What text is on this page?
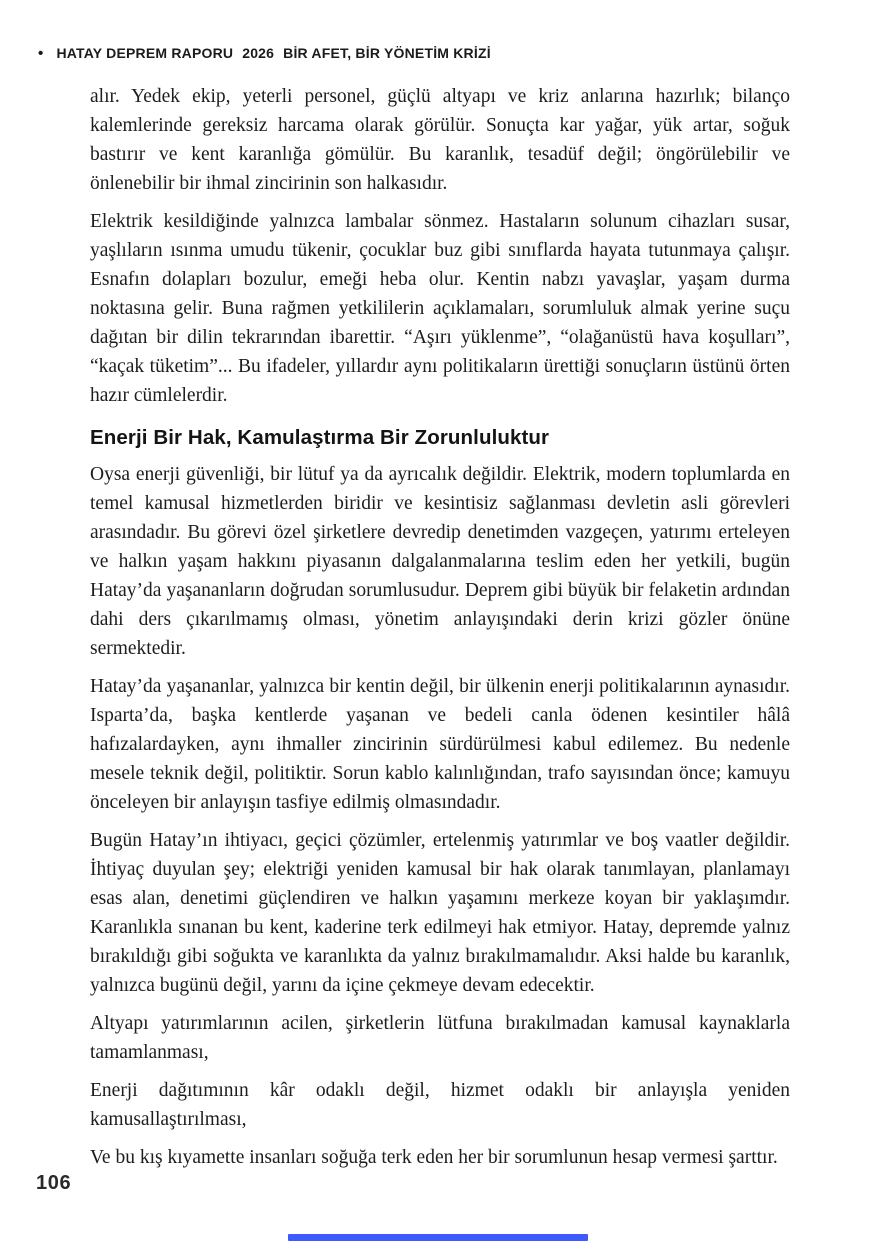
• HATAY DEPREM RAPORU 2026 BİR AFET, BİR YÖNETİM KRİZİ

alır. Yedek ekip, yeterli personel, güçlü altyapı ve kriz anlarına hazırlık; bilanço kalemlerinde gereksiz harcama olarak görülür. Sonuçta kar yağar, yük artar, soğuk bastırır ve kent karanlığa gömülür. Bu karanlık, tesadüf değil; öngörülebilir ve önlenebilir bir ihmal zincirinin son halkasıdır.

Elektrik kesildiğinde yalnızca lambalar sönmez. Hastaların solunum cihazları susar, yaşlıların ısınma umudu tükenir, çocuklar buz gibi sınıflarda hayata tutunmaya çalışır. Esnafın dolapları bozulur, emeği heba olur. Kentin nabzı yavaşlar, yaşam durma noktasına gelir. Buna rağmen yetkililerin açıklamaları, sorumluluk almak yerine suçu dağıtan bir dilin tekrarından ibarettir. “Aşırı yüklenme”, “olağanüstü hava koşulları”, “kaçak tüketim”... Bu ifadeler, yıllardır aynı politikaların ürettiği sonuçların üstünü örten hazır cümlelerdir.

Enerji Bir Hak, Kamulaştırma Bir Zorunluluktur

Oysa enerji güvenliği, bir lütuf ya da ayrıcalık değildir. Elektrik, modern toplumlarda en temel kamusal hizmetlerden biridir ve kesintisiz sağlanması devletin asli görevleri arasındadır. Bu görevi özel şirketlere devredip denetimden vazgeçen, yatırımı erteleyen ve halkın yaşam hakkını piyasanın dalgalanmalarına teslim eden her yetkili, bugün Hatay’da yaşananların doğrudan sorumlusudur. Deprem gibi büyük bir felaketin ardından dahi ders çıkarılmamış olması, yönetim anlayışındaki derin krizi gözler önüne sermektedir.

Hatay’da yaşananlar, yalnızca bir kentin değil, bir ülkenin enerji politikalarının aynasıdır. Isparta’da, başka kentlerde yaşanan ve bedeli canla ödenen kesintiler hâlâ hafızalardayken, aynı ihmaller zincirinin sürdürülmesi kabul edilemez. Bu nedenle mesele teknik değil, politiktir. Sorun kablo kalınlığından, trafo sayısından önce; kamuyu önceleyen bir anlayışın tasfiye edilmiş olmasındadır.

Bugün Hatay’ın ihtiyacı, geçici çözümler, ertelenmiş yatırımlar ve boş vaatler değildir. İhtiyaç duyulan şey; elektriği yeniden kamusal bir hak olarak tanımlayan, planlamayı esas alan, denetimi güçlendiren ve halkın yaşamını merkeze koyan bir yaklaşımdır. Karanlıkla sınanan bu kent, kaderine terk edilmeyi hak etmiyor. Hatay, depremde yalnız bırakıldığı gibi soğukta ve karanlıkta da yalnız bırakılmamalıdır. Aksi halde bu karanlık, yalnızca bugünü değil, yarını da içine çekmeye devam edecektir.

Altyapı yatırımlarının acilen, şirketlerin lütfuna bırakılmadan kamusal kaynaklarla tamamlanması,

Enerji dağıtımının kâr odaklı değil, hizmet odaklı bir anlayışla yeniden kamusallaştırılması,

Ve bu kış kıyamette insanları soğuğa terk eden her bir sorumlunun hesap vermesi şarttır.

106
